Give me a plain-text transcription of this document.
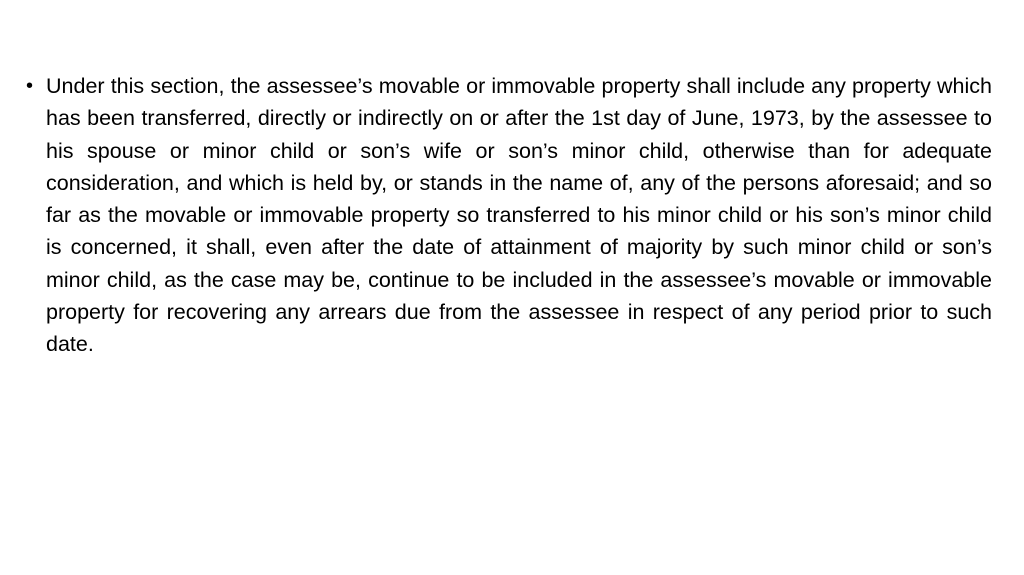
• Under this section, the assessee’s movable or immovable property shall include any property which has been transferred, directly or indirectly on or after the 1st day of June, 1973, by the assessee to his spouse or minor child or son’s wife or son’s minor child, otherwise than for adequate consideration, and which is held by, or stands in the name of, any of the persons aforesaid; and so far as the movable or immovable property so transferred to his minor child or his son’s minor child is concerned, it shall, even after the date of attainment of majority by such minor child or son’s minor child, as the case may be, continue to be included in the assessee’s movable or immovable property for recovering any arrears due from the assessee in respect of any period prior to such date.
